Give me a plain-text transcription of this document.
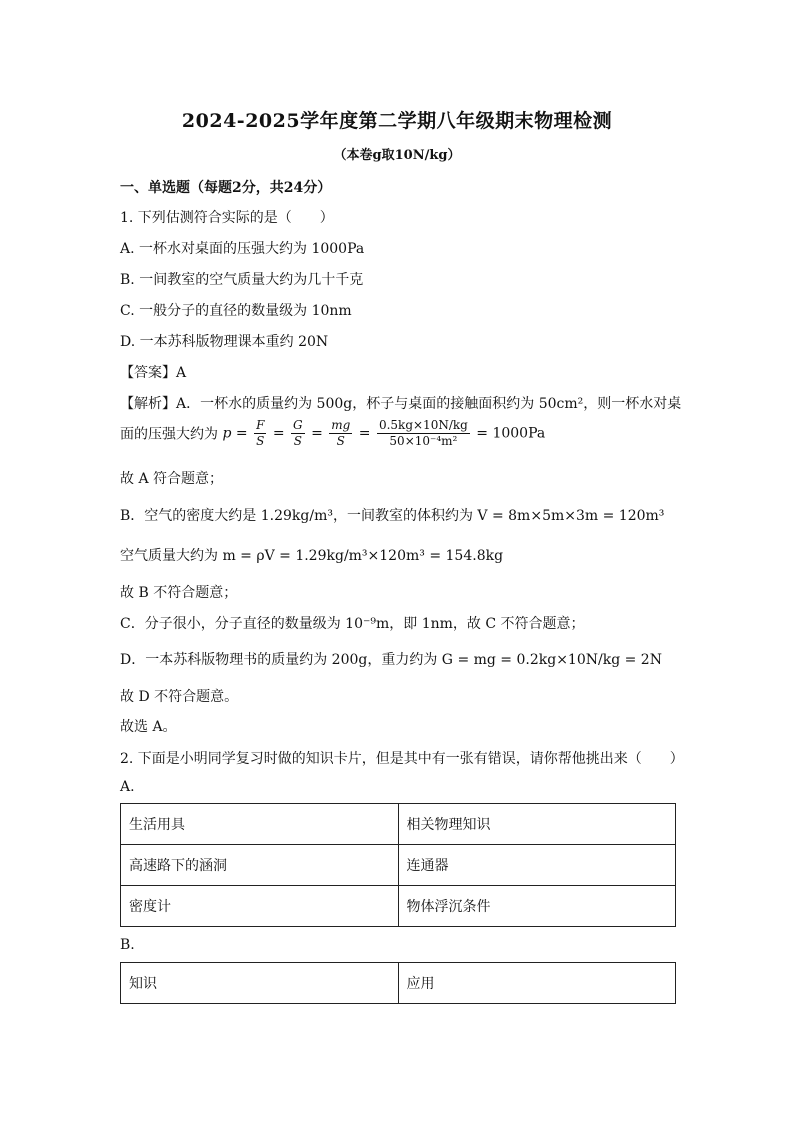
2024-2025学年度第二学期八年级期末物理检测
（本卷g取10N/kg）
一、单选题（每题2分，共24分）
1. 下列估测符合实际的是（　　）
A. 一杯水对桌面的压强大约为 1000Pa
B. 一间教室的空气质量大约为几十千克
C. 一般分子的直径的数量级为 10nm
D. 一本苏科版物理课本重约 20N
【答案】A
【解析】A．一杯水的质量约为 500g，杯子与桌面的接触面积约为 50cm²，则一杯水对桌
面的压强大约为 $p = \frac{F}{S} = \frac{G}{S} = \frac{mg}{S} = \frac{0.5kg\times 10N/kg}{\text{50×10⁻⁴m²}} = 1000Pa$
故 A 符合题意；
B．空气的密度大约是 1.29kg/m³，一间教室的体积约为 V = 8m×5m×3m = 120m³
空气质量大约为 m = ρV = 1.29kg/m³×120m³ = 154.8kg
故 B 不符合题意；
C．分子很小，分子直径的数量级为 10⁻⁹m，即 1nm，故 C 不符合题意；
D．一本苏科版物理书的质量约为 200g，重力约为 G = mg = 0.2kg×10N/kg = 2N
故 D 不符合题意。
故选 A。
2. 下面是小明同学复习时做的知识卡片，但是其中有一张有错误，请你帮他挑出来（　　）
A.
生活用具	相关物理知识
高速路下的涵洞	连通器
密度计	物体浮沉条件
B.
知识	应用
